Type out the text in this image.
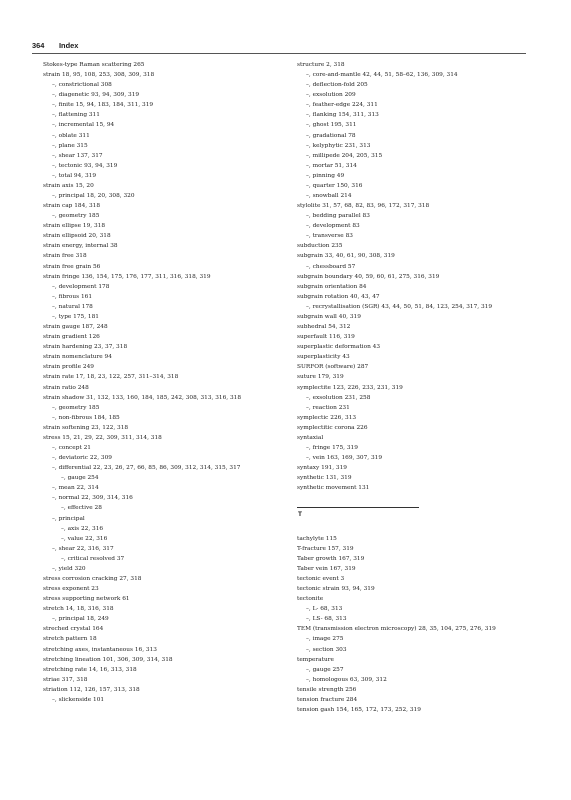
364 Index
Stokes-type Raman scattering 265
strain 18, 95, 108, 253, 308, 309, 318
–, constrictional 308
–, diagenetic 93, 94, 309, 319
–, finite 15, 94, 183, 184, 311, 319
–, flattening 311
–, incremental 15, 94
–, oblate 311
–, plane 315
–, shear 137, 317
–, tectonic 93, 94, 319
–, total 94, 319
strain axis 15, 20
–, principal 18, 20, 308, 320
strain cap 184, 318
–, geometry 185
strain ellipse 19, 318
strain ellipsoid 20, 318
strain energy, internal 38
strain free 318
strain free grain 56
strain fringe 136, 154, 175, 176, 177, 311, 316, 318, 319
–, development 178
–, fibrous 161
–, natural 178
–, type 175, 181
strain gauge 187, 248
strain gradient 126
strain hardening 23, 37, 318
strain nomenclature 94
strain profile 249
strain rate 17, 18, 23, 122, 257, 311–314, 318
strain ratio 248
strain shadow 31, 132, 133, 160, 184, 185, 242, 308, 313, 316, 318
–, geometry 185
–, non-fibrous 184, 185
strain softening 23, 122, 318
stress 15, 21, 29, 22, 309, 311, 314, 318
–, concept 21
–, deviatoric 22, 309
–, differential 22, 23, 26, 27, 66, 85, 86, 309, 312, 314, 315, 317
–, gauge 254
–, mean 22, 314
–, normal 22, 309, 314, 316
–, effective 28
–, principal
–, axis 22, 316
–, value 22, 316
–, shear 22, 316, 317
–, critical resolved 37
–, yield 320
stress corrosion cracking 27, 318
stress exponent 23
stress supporting network 61
stretch 14, 18, 316, 318
–, principal 18, 249
streched crystal 164
stretch pattern 18
stretching axes, instantaneous 16, 313
stretching lineation 101, 306, 309, 314, 318
stretching rate 14, 16, 313, 318
striae 317, 318
striation 112, 126, 157, 313, 318
–, slickenside 101
structure 2, 318
–, core-and-mantle 42, 44, 51, 58–62, 136, 309, 314
–, deflection-fold 205
–, exsolution 209
–, feather-edge 224, 311
–, flanking 154, 311, 313
–, ghost 195, 311
–, gradational 78
–, kelyphytic 231, 313
–, millipede 204, 205, 315
–, mortar 51, 314
–, pinning 49
–, quarter 150, 316
–, snowball 214
stylolite 31, 57, 68, 82, 83, 96, 172, 317, 318
–, bedding parallel 83
–, development 83
–, transverse 83
subduction 235
subgrain 33, 40, 61, 90, 308, 319
–, chessboard 57
subgrain boundary 40, 59, 60, 61, 275, 316, 319
subgrain orientation 84
subgrain rotation 40, 43, 47
–, recrystallisation (SGR) 43, 44, 50, 51, 84, 123, 254, 317, 319
subgrain wall 40, 319
subhedral 54, 312
superfault 116, 319
superplastic deformation 43
superplasticity 43
SURFOR (software) 287
suture 179, 319
symplectite 123, 226, 233, 231, 319
–, exsolution 231, 258
–, reaction 231
symplectic 226, 313
symplectitic corona 226
syntaxial
–, fringe 175, 319
–, vein 163, 169, 307, 319
syntaxy 191, 319
synthetic 131, 319
synthetic movement 131
T
tachylyte 115
T-fracture 157, 319
Taber growth 167, 319
Taber vein 167, 319
tectonic event 3
tectonic strain 93, 94, 319
tectonite
–, L- 68, 313
–, LS- 68, 313
TEM (transmission electron microscopy) 28, 35, 104, 275, 276, 319
–, image 275
–, section 303
temperature
–, gauge 257
–, homologous 63, 309, 312
tensile strength 256
tension fracture 284
tension gash 154, 165, 172, 173, 252, 319
